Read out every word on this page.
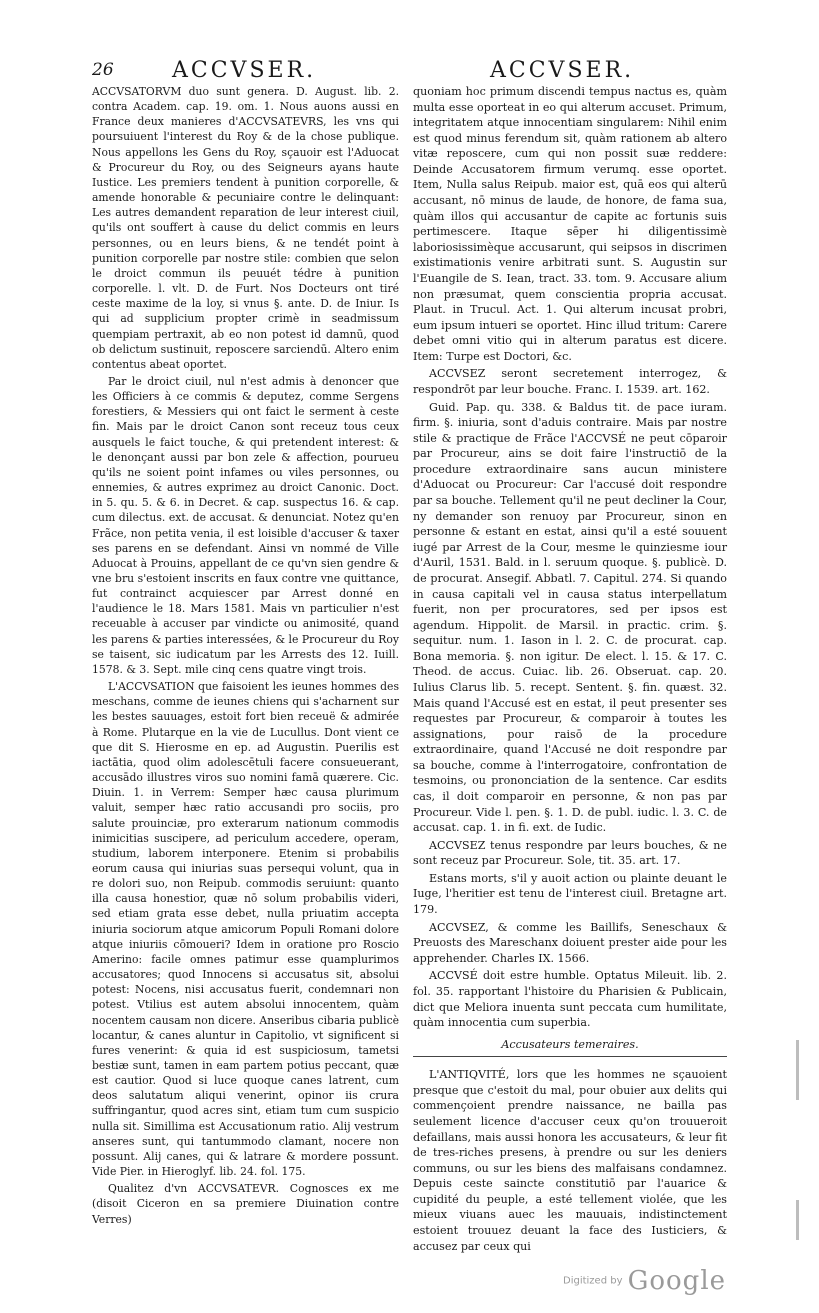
26	ACCVSER.	ACCVSER.

ACCVSATORVM duo sunt genera. D. August. lib. 2. contra Academ. cap. 19. om. 1. Nous auons aussi en France deux manieres d'ACCVSATEVRS, les vns qui poursuiuent l'interest du Roy & de la chose publique. Nous appellons les Gens du Roy, sçauoir est l'Aduocat & Procureur du Roy, ou des Seigneurs ayans haute Iustice. Les premiers tendent à punition corporelle, & amende honorable & pecuniaire contre le delinquant: Les autres demandent reparation de leur interest ciuil, qu'ils ont souffert à cause du delict commis en leurs personnes, ou en leurs biens, & ne tendét point à punition corporelle par nostre stile: combien que selon le droict commun ils peuuét tédre à punition corporelle. l. vlt. D. de Furt. Nos Docteurs ont tiré ceste maxime de la loy, si vnus §. ante. D. de Iniur. Is qui ad supplicium propter crimè in seadmissum quempiam pertraxit, ab eo non potest id damnū, quod ob delictum sustinuit, reposcere sarciendū. Altero enim contentus abeat oportet.

Par le droict ciuil, nul n'est admis à denoncer que les Officiers à ce commis & deputez, comme Sergens forestiers, & Messiers qui ont faict le serment à ceste fin. Mais par le droict Canon sont receuz tous ceux ausquels le faict touche, & qui pretendent interest: & le denonçant aussi par bon zele & affection, pourueu qu'ils ne soient point infames ou viles personnes, ou ennemies, & autres exprimez au droict Canonic. Doct. in 5. qu. 5. & 6. in Decret. & cap. suspectus 16. & cap. cum dilectus. ext. de accusat. & denunciat. Notez qu'en Frãce, non petita venia, il est loisible d'accuser & taxer ses parens en se defendant. Ainsi vn nommé de Ville Aduocat à Prouins, appellant de ce qu'vn sien gendre & vne bru s'estoient inscrits en faux contre vne quittance, fut contrainct acquiescer par Arrest donné en l'audience le 18. Mars 1581. Mais vn particulier n'est receuable à accuser par vindicte ou animosité, quand les parens & parties interessées, & le Procureur du Roy se taisent, sic iudicatum par les Arrests des 12. Iuill. 1578. & 3. Sept. mile cinq cens quatre vingt trois.

L'ACCVSATION que faisoient les ieunes hommes des meschans, comme de ieunes chiens qui s'acharnent sur les bestes sauuages, estoit fort bien receuë & admirée à Rome. Plutarque en la vie de Lucullus. Dont vient ce que dit S. Hierosme en ep. ad Augustin. Puerilis est iactātia, quod olim adolescētuli facere consueuerant, accusādo illustres viros suo nomini famā quærere. Cic. Diuin. 1. in Verrem: Semper hæc causa plurimum valuit, semper hæc ratio accusandi pro sociis, pro salute prouinciæ, pro exterarum nationum commodis inimicitias suscipere, ad periculum accedere, operam, studium, laborem interponere. Etenim si probabilis eorum causa qui iniurias suas persequi volunt, qua in re dolori suo, non Reipub. commodis seruiunt: quanto illa causa honestior, quæ nō solum probabilis videri, sed etiam grata esse debet, nulla priuatim accepta iniuria sociorum atque amicorum Populi Romani dolore atque iniuriis cōmoueri? Idem in oratione pro Roscio Amerino: facile omnes patimur esse quamplurimos accusatores; quod Innocens si accusatus sit, absolui potest: Nocens, nisi accusatus fuerit, condemnari non potest. Vtilius est autem absolui innocentem, quàm nocentem causam non dicere. Anseribus cibaria publicè locantur, & canes aluntur in Capitolio, vt significent si fures venerint: & quia id est suspiciosum, tametsi bestiæ sunt, tamen in eam partem potius peccant, quæ est cautior. Quod si luce quoque canes latrent, cum deos salutatum aliqui venerint, opinor iis crura suffringantur, quod acres sint, etiam tum cum suspicio nulla sit. Simillima est Accusationum ratio. Alij vestrum anseres sunt, qui tantummodo clamant, nocere non possunt. Alij canes, qui & latrare & mordere possunt. Vide Pier. in Hieroglyf. lib. 24. fol. 175.

Qualitez d'vn ACCVSATEVR. Cognosces ex me (disoit Ciceron en sa premiere Diuination contre Verres)

quoniam hoc primum discendi tempus nactus es, quàm multa esse oporteat in eo qui alterum accuset. Primum, integritatem atque innocentiam singularem: Nihil enim est quod minus ferendum sit, quàm rationem ab altero vitæ reposcere, cum qui non possit suæ reddere: Deinde Accusatorem firmum verumq. esse oportet. Item, Nulla salus Reipub. maior est, quā eos qui alterū accusant, nō minus de laude, de honore, de fama sua, quàm illos qui accusantur de capite ac fortunis suis pertimescere. Itaque sēper hi diligentissimè laboriosissimèque accusarunt, qui seipsos in discrimen existimationis venire arbitrati sunt. S. Augustin sur l'Euangile de S. Iean, tract. 33. tom. 9. Accusare alium non præsumat, quem conscientia propria accusat. Plaut. in Trucul. Act. 1. Qui alterum incusat probri, eum ipsum intueri se oportet. Hinc illud tritum: Carere debet omni vitio qui in alterum paratus est dicere. Item: Turpe est Doctori, &c.

ACCVSEZ seront secretement interrogez, & respondrōt par leur bouche. Franc. I. 1539. art. 162.

Guid. Pap. qu. 338. & Baldus tit. de pace iuram. firm. §. iniuria, sont d'aduis contraire. Mais par nostre stile & practique de Frãce l'ACCVSÉ ne peut cōparoir par Procureur, ains se doit faire l'instructiō de la procedure extraordinaire sans aucun ministere d'Aduocat ou Procureur: Car l'accusé doit respondre par sa bouche. Tellement qu'il ne peut decliner la Cour, ny demander son renuoy par Procureur, sinon en personne & estant en estat, ainsi qu'il a esté souuent iugé par Arrest de la Cour, mesme le quinziesme iour d'Auril, 1531. Bald. in l. seruum quoque. §. publicè. D. de procurat. Ansegif. Abbatl. 7. Capitul. 274. Si quando in causa capitali vel in causa status interpellatum fuerit, non per procuratores, sed per ipsos est agendum. Hippolit. de Marsil. in practic. crim. §. sequitur. num. 1. Iason in l. 2. C. de procurat. cap. Bona memoria. §. non igitur. De elect. l. 15. & 17. C. Theod. de accus. Cuiac. lib. 26. Obseruat. cap. 20. Iulius Clarus lib. 5. recept. Sentent. §. fin. quæst. 32. Mais quand l'Accusé est en estat, il peut presenter ses requestes par Procureur, & comparoir à toutes les assignations, pour raisō de la procedure extraordinaire, quand l'Accusé ne doit respondre par sa bouche, comme à l'interrogatoire, confrontation de tesmoins, ou prononciation de la sentence. Car esdits cas, il doit comparoir en personne, & non pas par Procureur. Vide l. pen. §. 1. D. de publ. iudic. l. 3. C. de accusat. cap. 1. in fi. ext. de Iudic.

ACCVSEZ tenus respondre par leurs bouches, & ne sont receuz par Procureur. Sole, tit. 35. art. 17.

Estans morts, s'il y auoit action ou plainte deuant le Iuge, l'heritier est tenu de l'interest ciuil. Bretagne art. 179.

ACCVSEZ, & comme les Baillifs, Seneschaux & Preuosts des Mareschanx doiuent prester aide pour les apprehender. Charles IX. 1566.

ACCVSÉ doit estre humble. Optatus Mileuit. lib. 2. fol. 35. rapportant l'histoire du Pharisien & Publicain, dict que Meliora inuenta sunt peccata cum humilitate, quàm innocentia cum superbia.

Accusateurs temeraires.

L'ANTIQVITÉ, lors que les hommes ne sçauoient presque que c'estoit du mal, pour obuier aux delits qui commençoient prendre naissance, ne bailla pas seulement licence d'accuser ceux qu'on trouueroit defaillans, mais aussi honora les accusateurs, & leur fit de tres-riches presens, à prendre ou sur les deniers communs, ou sur les biens des malfaisans condamnez. Depuis ceste saincte constitutiō par l'auarice & cupidité du peuple, a esté tellement violée, que les mieux viuans auec les mauuais, indistinctement estoient trouuez deuant la face des Iusticiers, & accusez par ceux qui

Digitized by Google
